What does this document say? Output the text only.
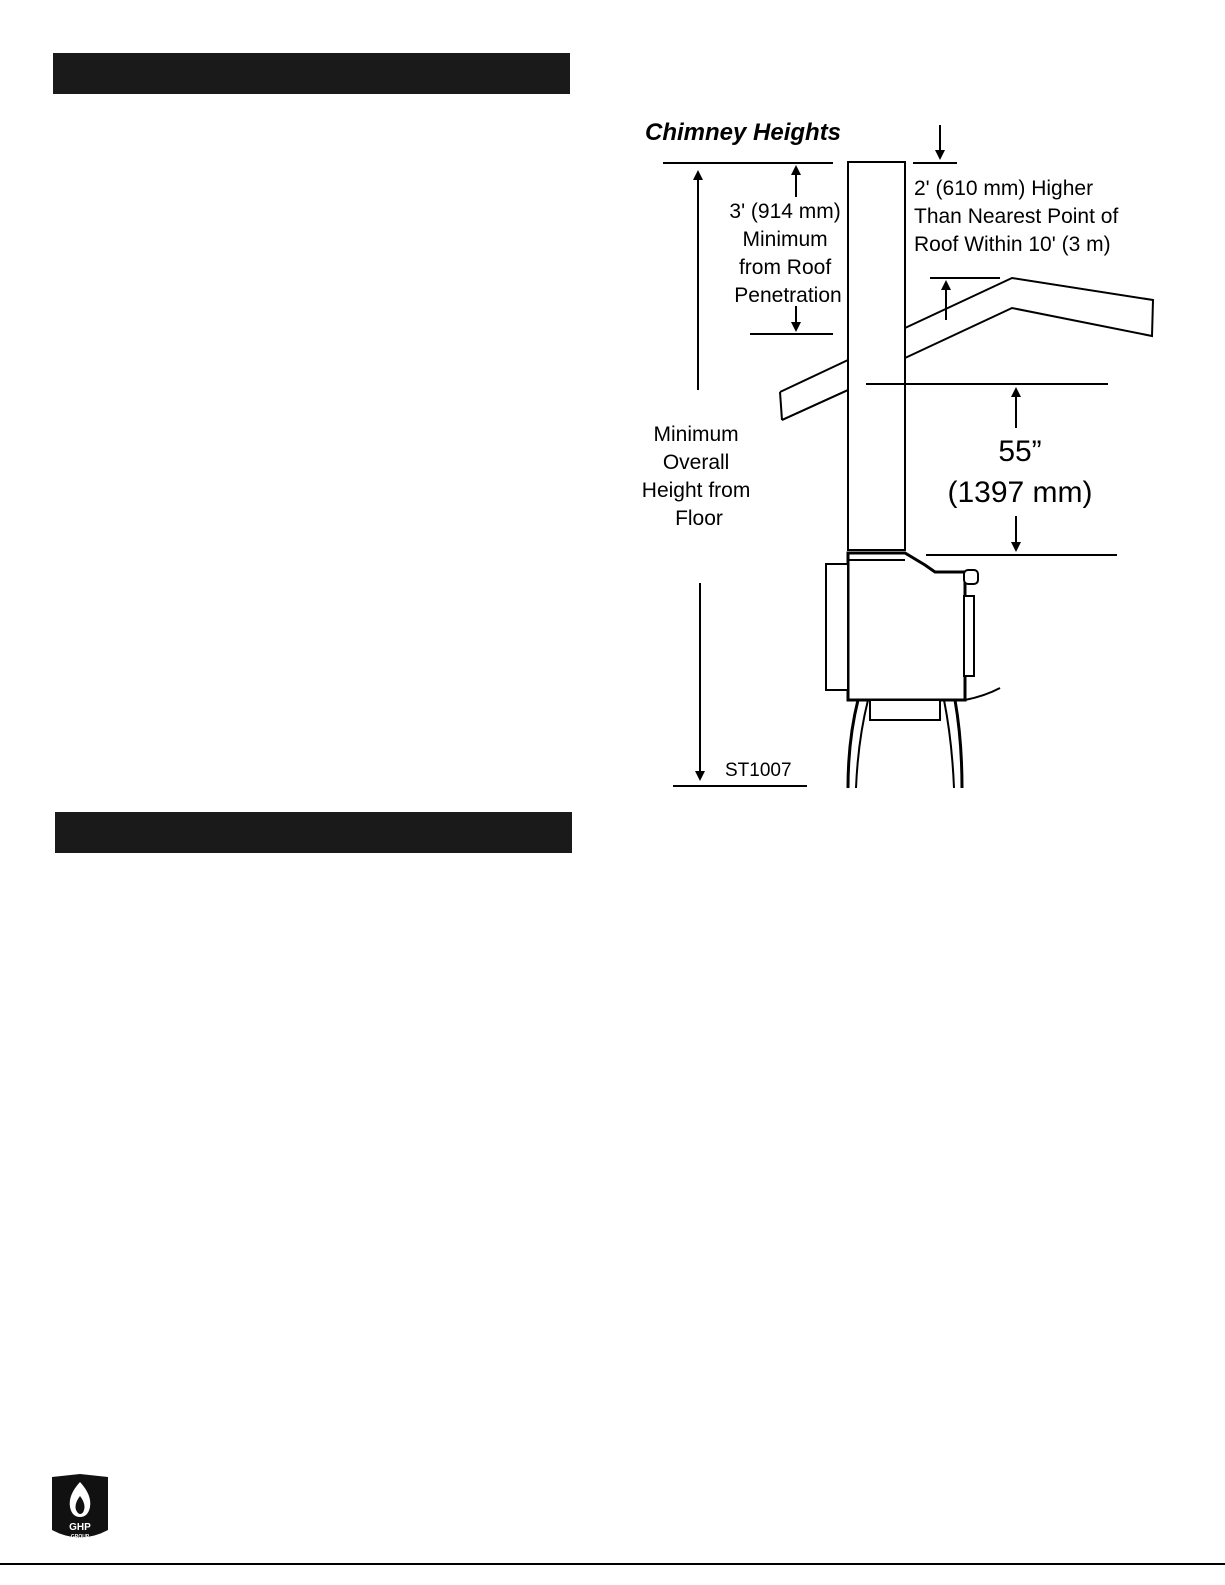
Chimney Heights
3' (914 mm) Minimum from Roof Penetration
2' (610 mm) Higher Than Nearest Point of Roof Within 10' (3 m)
Minimum Overall Height from Floor
55”
(1397 mm)
ST1007
GHP
GROUP
